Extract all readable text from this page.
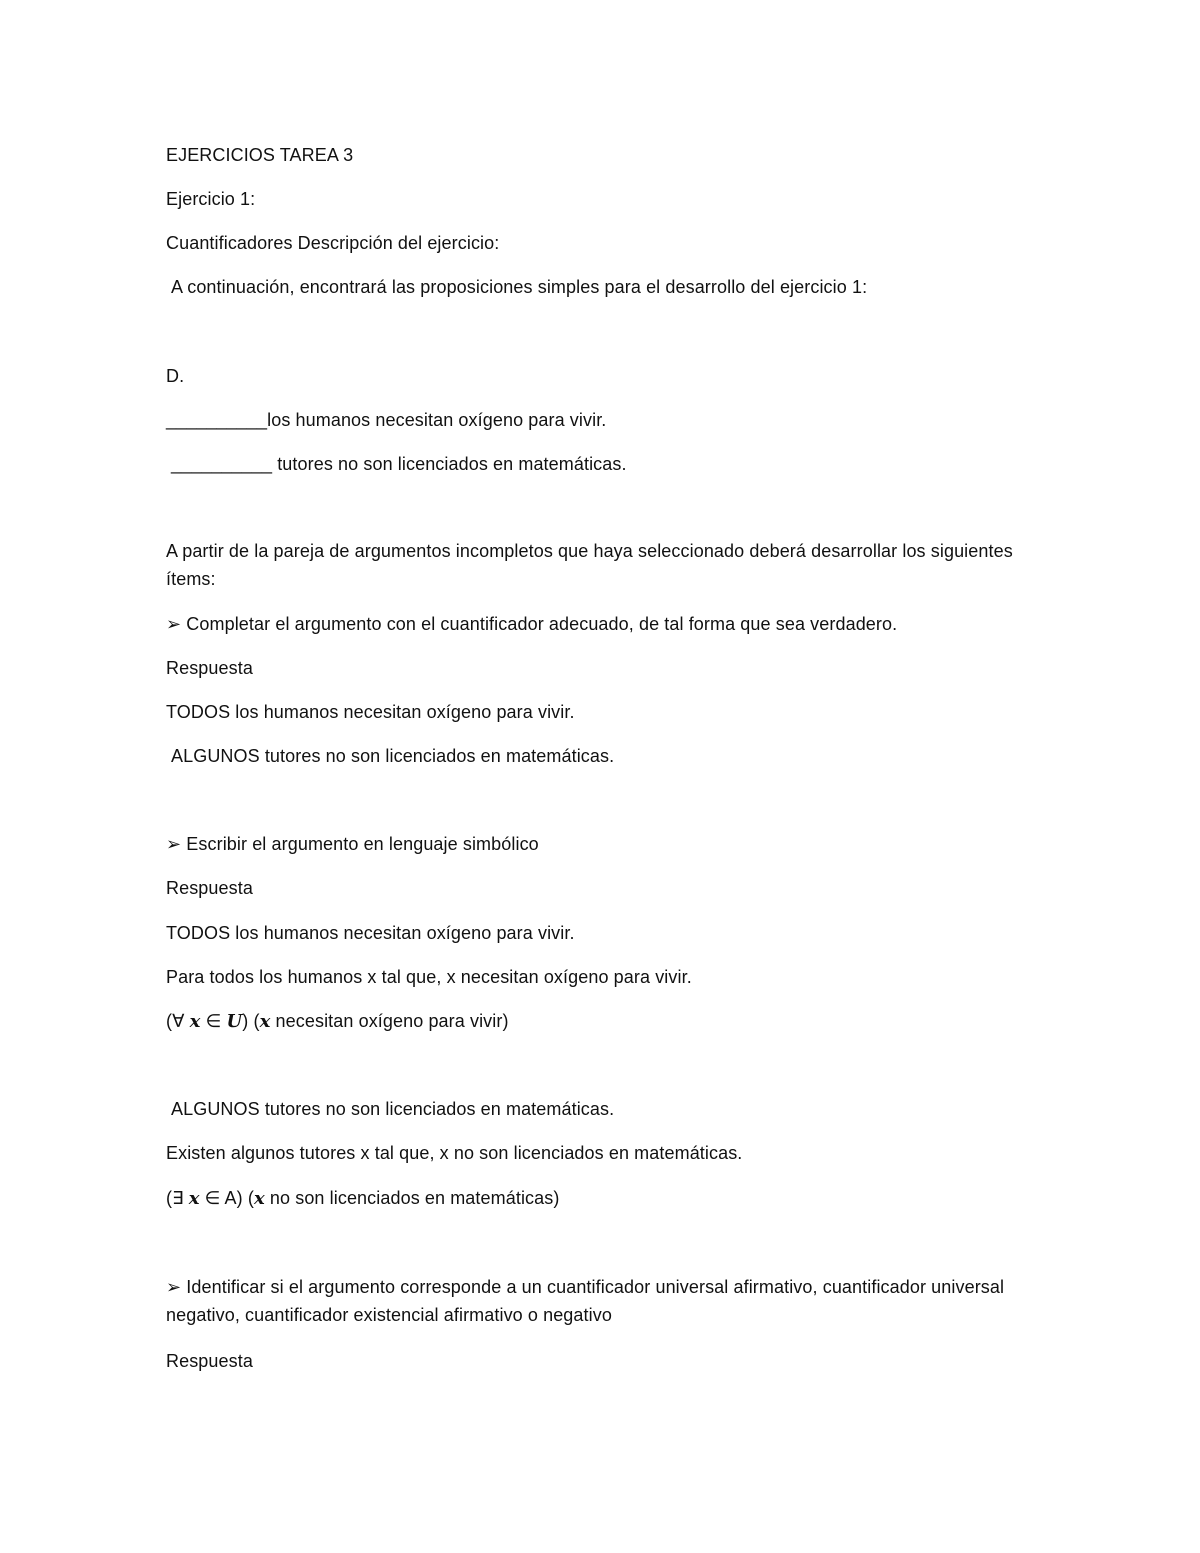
EJERCICIOS TAREA 3
Ejercicio 1:
Cuantificadores Descripción del ejercicio:
A continuación, encontrará las proposiciones simples para el desarrollo del ejercicio 1:
D.
__________los humanos necesitan oxígeno para vivir.
__________ tutores no son licenciados en matemáticas.
A partir de la pareja de argumentos incompletos que haya seleccionado deberá desarrollar los siguientes ítems:
➢ Completar el argumento con el cuantificador adecuado, de tal forma que sea verdadero.
Respuesta
TODOS los humanos necesitan oxígeno para vivir.
ALGUNOS tutores no son licenciados en matemáticas.
➢ Escribir el argumento en lenguaje simbólico
Respuesta
TODOS los humanos necesitan oxígeno para vivir.
Para todos los humanos x tal que, x necesitan oxígeno para vivir.
(∀ 𝒙 ∈ 𝑼) (𝒙 necesitan oxígeno para vivir)
ALGUNOS tutores no son licenciados en matemáticas.
Existen algunos tutores x tal que, x no son licenciados en matemáticas.
(∃ 𝒙 ∈ A) (𝒙 no son licenciados en matemáticas)
➢ Identificar si el argumento corresponde a un cuantificador universal afirmativo, cuantificador universal negativo, cuantificador existencial afirmativo o negativo
Respuesta
